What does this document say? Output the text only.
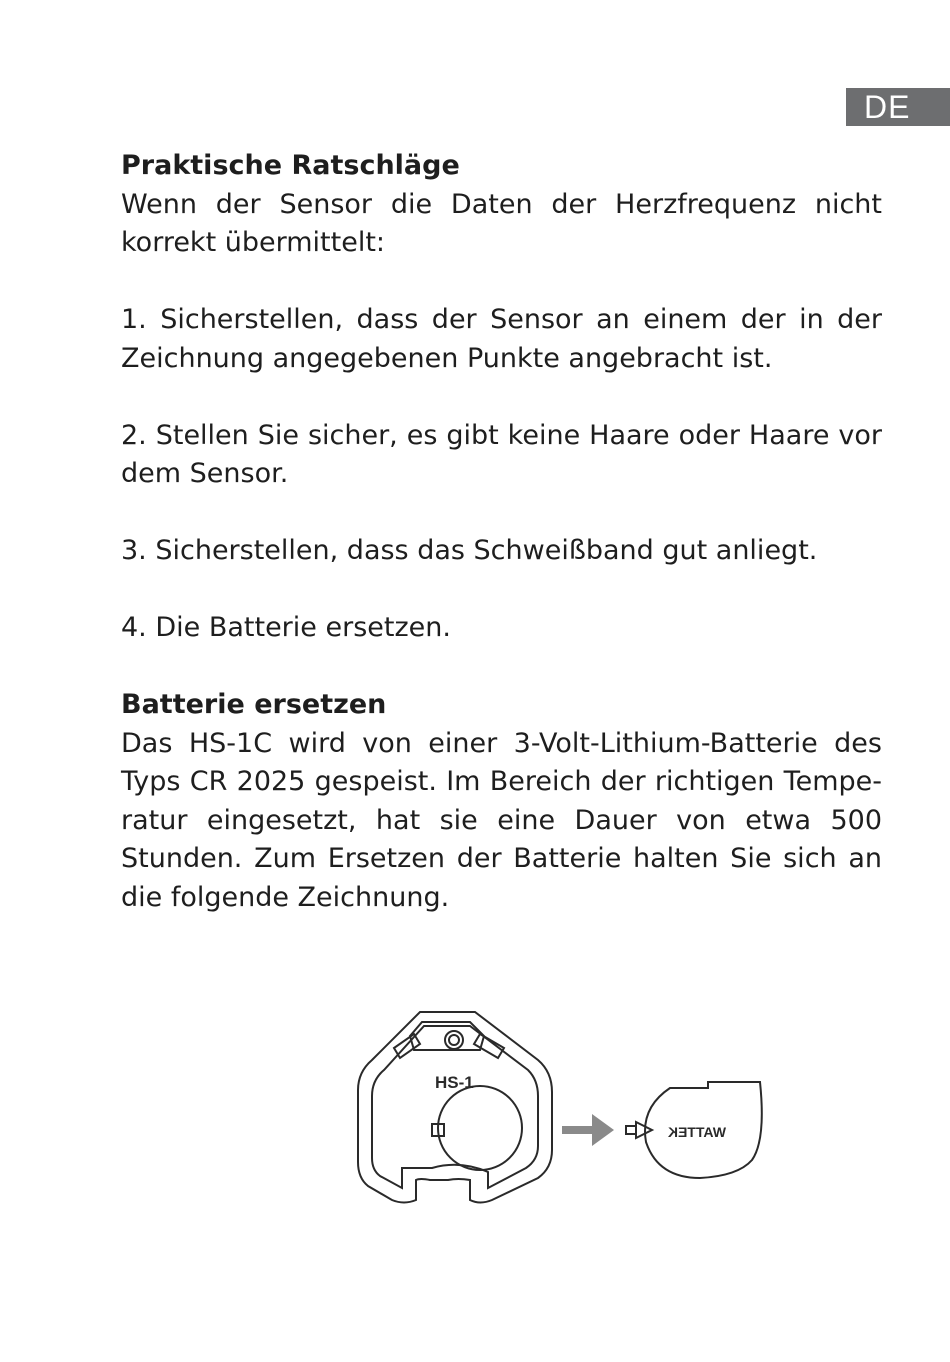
DE

Praktische Ratschläge

Wenn der Sensor die Daten der Herzfrequenz nicht korrekt übermittelt:

1. Sicherstellen, dass der Sensor an einem der in der Zeichnung angegebenen Punkte angebracht ist.

2. Stellen Sie sicher, es gibt keine Haare oder Haare vor dem Sensor.

3. Sicherstellen, dass das Schweißband gut anliegt.

4. Die Batterie ersetzen.

Batterie ersetzen

Das HS-1C wird von einer 3-Volt-Lithium-Batterie des Typs CR 2025 gespeist. Im Bereich der richtigen Tempe-ratur eingesetzt, hat sie eine Dauer von etwa 500 Stunden. Zum Ersetzen der Batterie halten Sie sich an die folgende Zeichnung.

HS-1
WATTEK
